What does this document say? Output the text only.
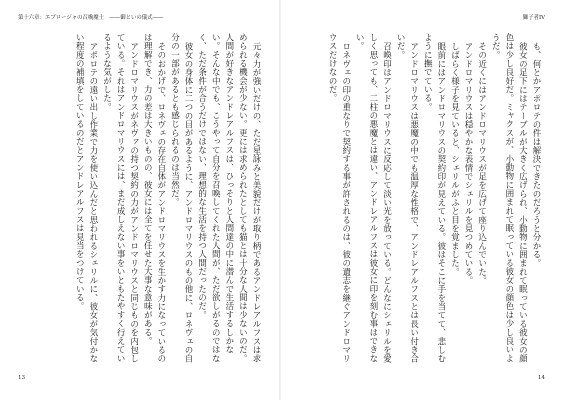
第十六章：エブロージャの召喚魔士　――御といの儀式――

元々力が強いだけの、ただ星詠みと美貌だけが取り柄であるアンドレアルフスは求められる機会が少ない。更には求められたとしても猫とは十分な人間は少ないのだ。人間が好きなアンドレアルフスは、ひっそりと人間達の中に潜んで生活するしかない。そんな中でも、こうやって自分を召喚してくれた人間が、ただ欲しがるのではなく、ただ条件が合うだけではない、理想的な生活を持つ人間だったのだ。

彼女の身体に二つの目があるように、アンドロマリウスのもの他に、ロネヴェの自分の一部があるとも感じられるのは当然だ。

そのおかげで、ロネヴェの存在自体がアンドロマリウスを生かす力になっているのは理解でき、力の差は大きいものの、彼女には全てを任せた大事な意味がある。

アンドロマリウスがネヴァの持つ契約の力がアンドロマリウスと同じものを内包している。それはアンドロマリウスには、まだ成しえない事をいともたやすく行えているような気がした。

アポロテの遠い出し作業で力を使い込んだと思われるシェリルに、彼女が気付かない程度の補填をしているのだとアンドレアルフスは見当をつけている。

13
獅子者IV

も、何とかアポロテの件は解決できたのだろうと分かる。

彼女の足下にはテーブルが大きく広げられ、小動物に囲まれて眠っている彼女の顔色は少し良好だ。ミャクスが、小動物に囲まれて眠っている彼女の顔色は少し良いようだ。

その近くにはアンドロマリウスが足を広げて座り込んでいた。

アンドロマリウスは穏やかな表情でシェリルを見つめている。

しばらく様子を見ていると、シェリルがふと目を覚ました。

眼前にはアンドロマリウスの契約印が見えている。彼はそこに手を当てて、悲しむように撫でている。

アンドロマリウスは悪魔の中でも温厚な性格で、アンドレアルフスとは長い付き合いだ。

召喚印はアンドロマリウスに反応して淡い光を放っている。どんなにシェリルを愛しく思っても、二柱の悪魔とは違い、アンドレアルフスは彼女に印を刻む事はできない。

ロネヴェの印の重なりで契約する事が許されるのは、彼の遺志を継ぐアンドロマリウスだけなのだ。

14
